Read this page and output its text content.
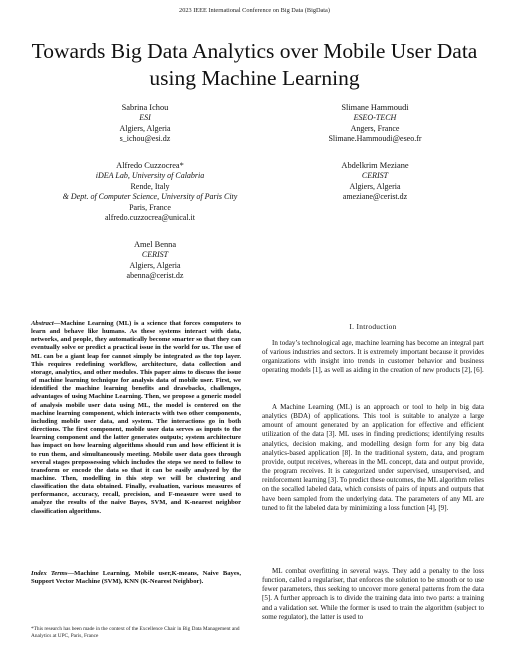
2023 IEEE International Conference on Big Data (BigData)
Towards Big Data Analytics over Mobile User Data
using Machine Learning
Sabrina Ichou
ESI
Algiers, Algeria
s_ichou@esi.dz
Slimane Hammoudi
ESEO-TECH
Angers, France
Slimane.Hammoudi@eseo.fr
Alfredo Cuzzocrea*
iDEA Lab, University of Calabria
Rende, Italy
& Dept. of Computer Science, University of Paris City
Paris, France
alfredo.cuzzocrea@unical.it
Abdelkrim Meziane
CERIST
Algiers, Algeria
ameziane@cerist.dz
Amel Benna
CERIST
Algiers, Algeria
abenna@cerist.dz
Abstract—Machine Learning (ML) is a science that forces computers to learn and behave like humans. As these systems interact with data, networks, and people, they automatically become smarter so that they can eventually solve or predict a practical issue in the world for us. The use of ML can be a giant leap for cannot simply be integrated as the top layer. This requires redefining workflow, architecture, data collection and storage, analytics, and other modules. This paper aims to discuss the issue of machine learning technique for analysis data of mobile user. First, we identified the machine learning benefits and drawbacks, challenges, advantages of using Machine Learning. Then, we propose a generic model of analysis mobile user data using ML, the model is centered on the machine learning component, which interacts with two other components, including mobile user data, and system. The interactions go in both directions. The first component, mobile user data serves as inputs to the learning component and the latter generates outputs; system architecture has impact on how learning algorithms should run and how efficient it is to run them, and simultaneously meeting. Mobile user data goes through several stages prepossessing which includes the steps we need to follow to transform or encode the data so that it can be easily analyzed by the machine. Then, modelling in this step we will be clustering and classification the data obtained. Finally, evaluation, various measures of performance, accuracy, recall, precision, and F-measure were used to analyze the results of the naive Bayes, SVM, and K-nearest neighbor classification algorithms.
Index Terms—Machine Learning, Mobile user,K-means, Naive Bayes, Support Vector Machine (SVM), KNN (K-Nearest Neighbor).
*This research has been made in the context of the Excellence Chair in Big Data Management and Analytics at UPC, Paris, France
I. Introduction

In today’s technological age, machine learning has become an integral part of various industries and sectors. It is extremely important because it provides organizations with insight into trends in customer behavior and business operating models [1], as well as aiding in the creation of new products [2], [6].

A Machine Learning (ML) is an approach or tool to help in big data analytics (BDA) of applications. This tool is suitable to analyze a large amount of amount generated by an application for effective and efficient utilization of the data [3]. ML uses in finding predictions; identifying results analytics, decision making, and modelling design form for any big data analytics-based application [8]. In the traditional system, data, and program provide, output receives, whereas in the ML concept, data and output provide, the program receives. It is categorized under supervised, unsupervised, and reinforcement learning [3]. To predict these outcomes, the ML algorithm relies on the socalled labeled data, which consists of pairs of inputs and outputs that have been sampled from the underlying data. The parameters of any ML are tuned to fit the labeled data by minimizing a loss function [4], [9].

ML combat overfitting in several ways. They add a penalty to the loss function, called a regulariser, that enforces the solution to be smooth or to use fewer parameters, thus seeking to uncover more general patterns from the data [5]. A further approach is to divide the training data into two parts: a training and a validation set. While the former is used to train the algorithm (subject to some regulator), the latter is used to
